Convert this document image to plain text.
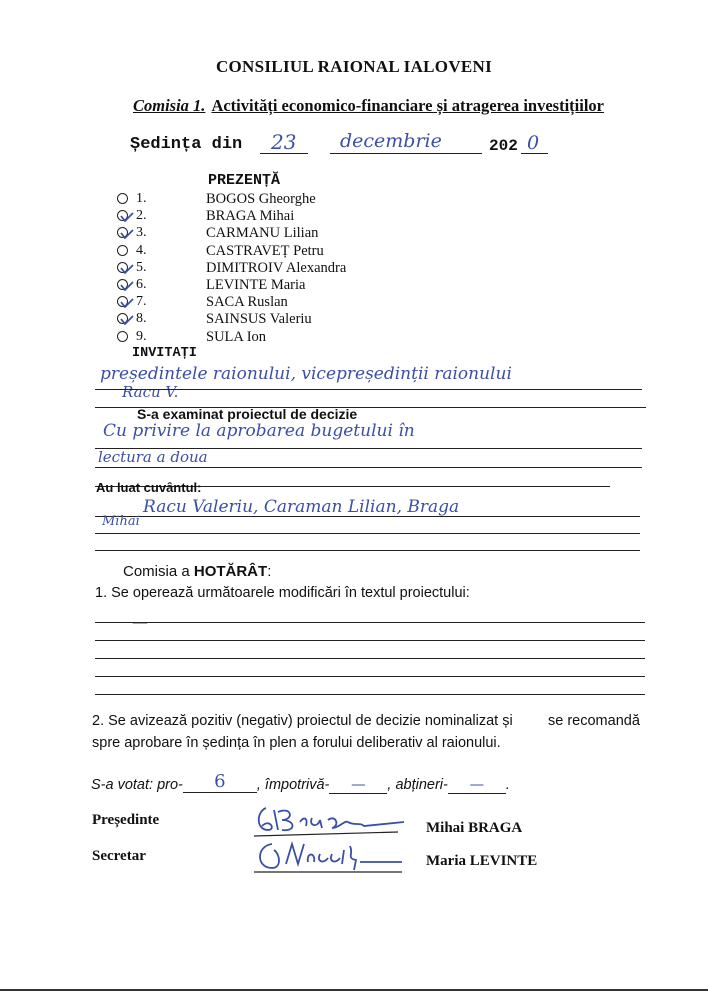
CONSILIUL RAIONAL IALOVENI
Comisia 1. Activități economico-financiare și atragerea investițiilor
Ședința din 23 decembrie	202 0
PREZENȚĂ
1.	BOGOS Gheorghe
2.	BRAGA Mihai
3.	CARMANU Lilian
4.	CASTRAVEȚ Petru
5.	DIMITROIV Alexandra
6.	LEVINTE Maria
7.	SACA Ruslan
8.	SAINSUS Valeriu
9.	SULA Ion
INVITAȚI
președintele raionului, vicepreședinții raionului
Racu V.
S-a examinat proiectul de decizie
Cu privire la aprobarea bugetului în
lectura a doua
Au luat cuvântul:
Racu Valeriu, Caraman Lilian, Braga
Mihai
Comisia a HOTĂRÂT:
1. Se operează următoarele modificări în textul proiectului:
—
2. Se avizează pozitiv (negativ) proiectul de decizie nominalizat și se recomandă
spre aprobare în ședința în plen a forului deliberativ al raionului.
S-a votat: pro- 6 , împotrivă- — , abțineri- — .
Președinte	Mihai BRAGA
Secretar	Maria LEVINTE
